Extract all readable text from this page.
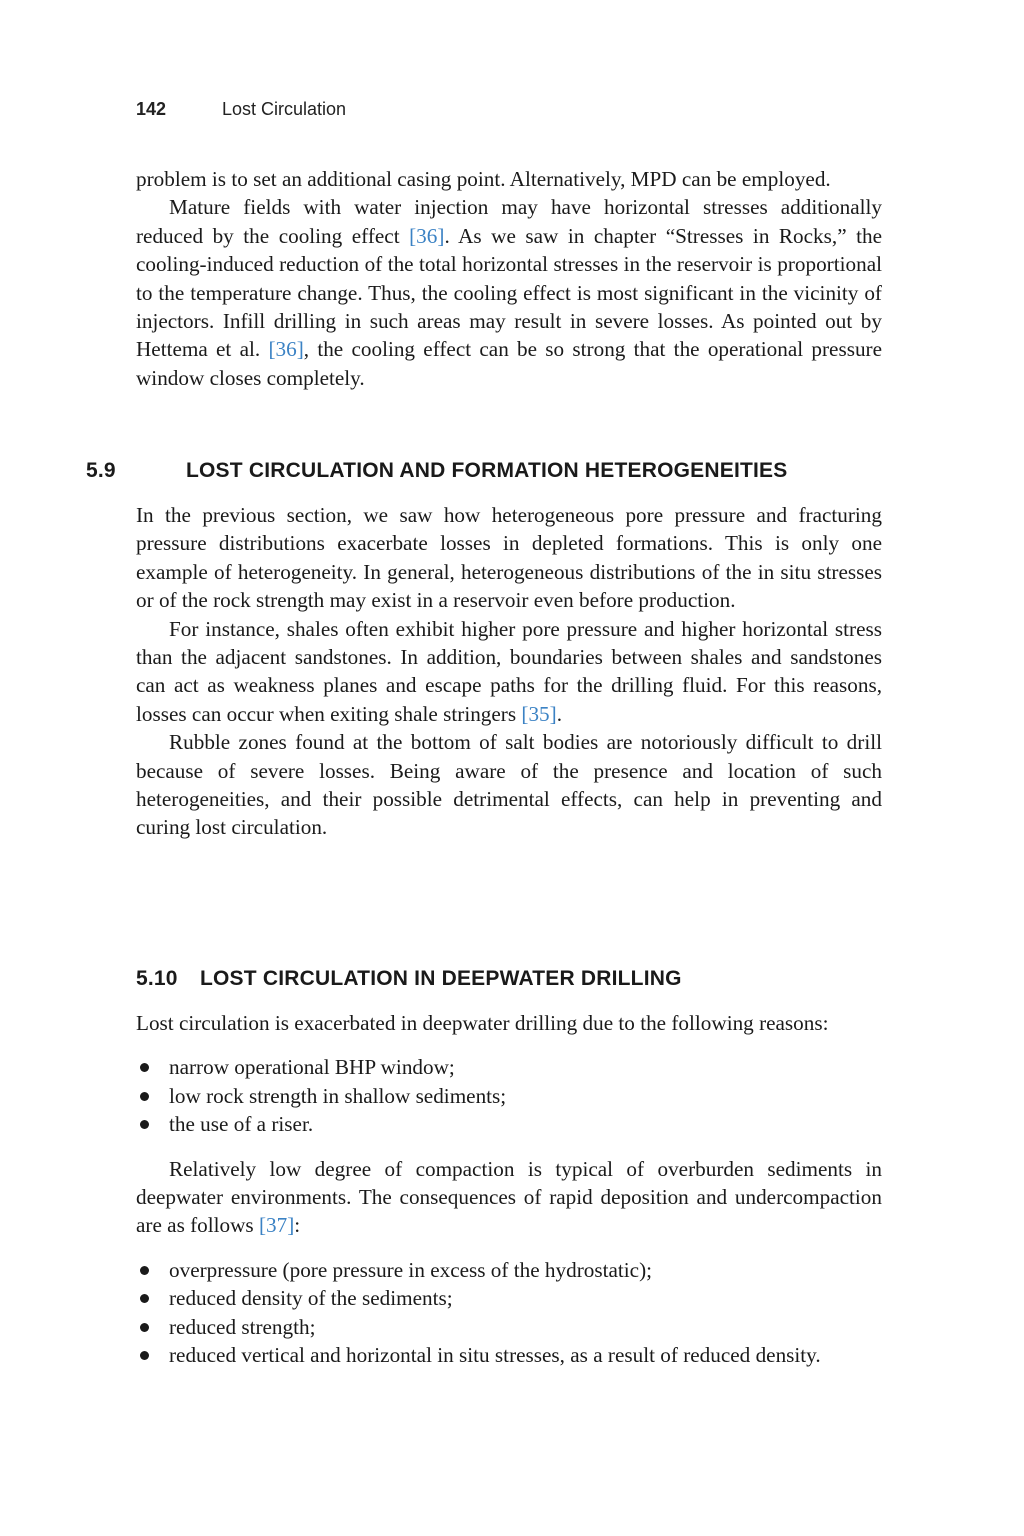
142	Lost Circulation

problem is to set an additional casing point. Alternatively, MPD can be employed.

Mature fields with water injection may have horizontal stresses additionally reduced by the cooling effect [36]. As we saw in chapter “Stresses in Rocks,” the cooling-induced reduction of the total horizontal stresses in the reservoir is proportional to the temperature change. Thus, the cooling effect is most significant in the vicinity of injectors. Infill drilling in such areas may result in severe losses. As pointed out by Hettema et al. [36], the cooling effect can be so strong that the operational pressure window closes completely.

5.9	LOST CIRCULATION AND FORMATION HETEROGENEITIES

In the previous section, we saw how heterogeneous pore pressure and fracturing pressure distributions exacerbate losses in depleted formations. This is only one example of heterogeneity. In general, heterogeneous distributions of the in situ stresses or of the rock strength may exist in a reservoir even before production.

For instance, shales often exhibit higher pore pressure and higher horizontal stress than the adjacent sandstones. In addition, boundaries between shales and sandstones can act as weakness planes and escape paths for the drilling fluid. For this reasons, losses can occur when exiting shale stringers [35].

Rubble zones found at the bottom of salt bodies are notoriously difficult to drill because of severe losses. Being aware of the presence and location of such heterogeneities, and their possible detrimental effects, can help in preventing and curing lost circulation.

5.10 LOST CIRCULATION IN DEEPWATER DRILLING

Lost circulation is exacerbated in deepwater drilling due to the following reasons:

narrow operational BHP window;
low rock strength in shallow sediments;
the use of a riser.

Relatively low degree of compaction is typical of overburden sediments in deepwater environments. The consequences of rapid deposition and undercompaction are as follows [37]:

overpressure (pore pressure in excess of the hydrostatic);
reduced density of the sediments;
reduced strength;
reduced vertical and horizontal in situ stresses, as a result of reduced density.
